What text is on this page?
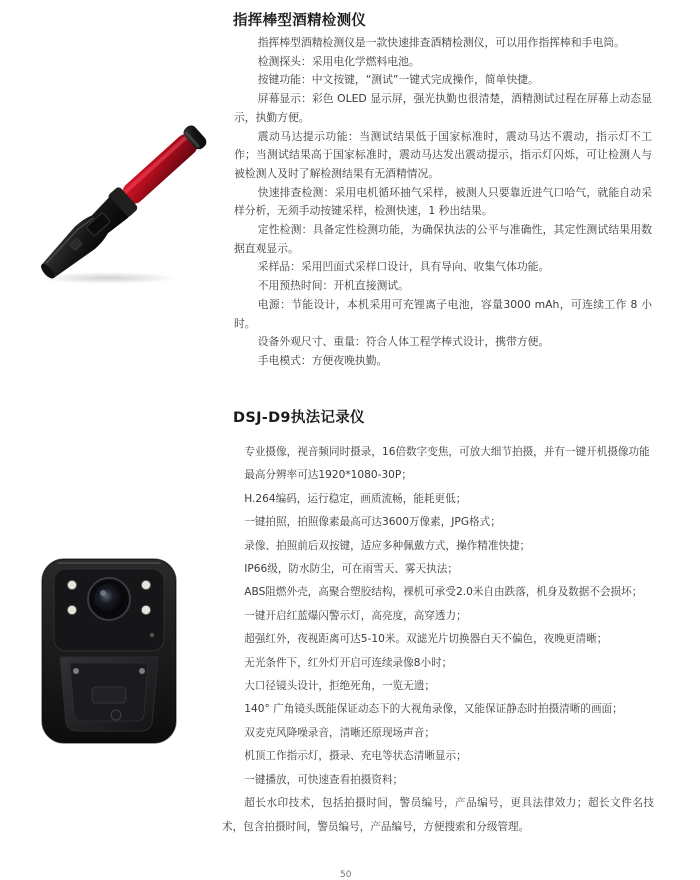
指挥棒型酒精检测仪

指挥棒型酒精检测仪是一款快速排查酒精检测仪，可以用作指挥棒和手电筒。

检测探头：采用电化学燃料电池。

按键功能：中文按键，“测试”一键式完成操作，简单快捷。

屏幕显示：彩色 OLED 显示屏，强光执勤也很清楚，酒精测试过程在屏幕上动态显示，执勤方便。

震动马达提示功能：当测试结果低于国家标准时，震动马达不震动，指示灯不工作；当测试结果高于国家标准时，震动马达发出震动提示，指示灯闪烁，可让检测人与被检测人及时了解检测结果有无酒精情况。

快速排查检测：采用电机循环抽气采样，被测人只要靠近进气口哈气，就能自动采样分析，无须手动按键采样，检测快速，1 秒出结果。

定性检测：具备定性检测功能，为确保执法的公平与准确性，其定性测试结果用数据直观显示。

采样品：采用凹面式采样口设计，具有导向、收集气体功能。

不用预热时间：开机直接测试。

电源：节能设计，本机采用可充锂离子电池，容量3000 mAh，可连续工作 8 小时。

设备外观尺寸、重量：符合人体工程学棒式设计，携带方便。

手电模式：方便夜晚执勤。

DSJ-D9执法记录仪

专业摄像，视音频同时摄录，16倍数字变焦，可放大细节拍摄，并有一键开机摄像功能

最高分辨率可达1920*1080-30P；

H.264编码，运行稳定，画质流畅，能耗更低；

一键拍照，拍照像素最高可达3600万像素，JPG格式；

录像、拍照前后双按键，适应多种佩戴方式，操作精准快捷；

IP66级，防水防尘，可在雨雪天、雾天执法；

ABS阻燃外壳，高聚合塑胶结构，裸机可承受2.0米自由跌落，机身及数据不会损坏；

一键开启红蓝爆闪警示灯，高亮度，高穿透力；

超强红外，夜视距离可达5-10米。双滤光片切换器白天不偏色，夜晚更清晰；

无光条件下，红外灯开启可连续录像8小时；

大口径镜头设计，拒绝死角，一览无遗；

140° 广角镜头既能保证动态下的大视角录像，又能保证静态时拍摄清晰的画面；

双麦克风降噪录音，清晰还原现场声音；

机顶工作指示灯，摄录、充电等状态清晰显示；

一键播放，可快速查看拍摄资料；

超长水印技术，包括拍摄时间，警员编号，产品编号，更具法律效力；超长文件名技术，包含拍摄时间，警员编号，产品编号，方便搜索和分级管理。

50
